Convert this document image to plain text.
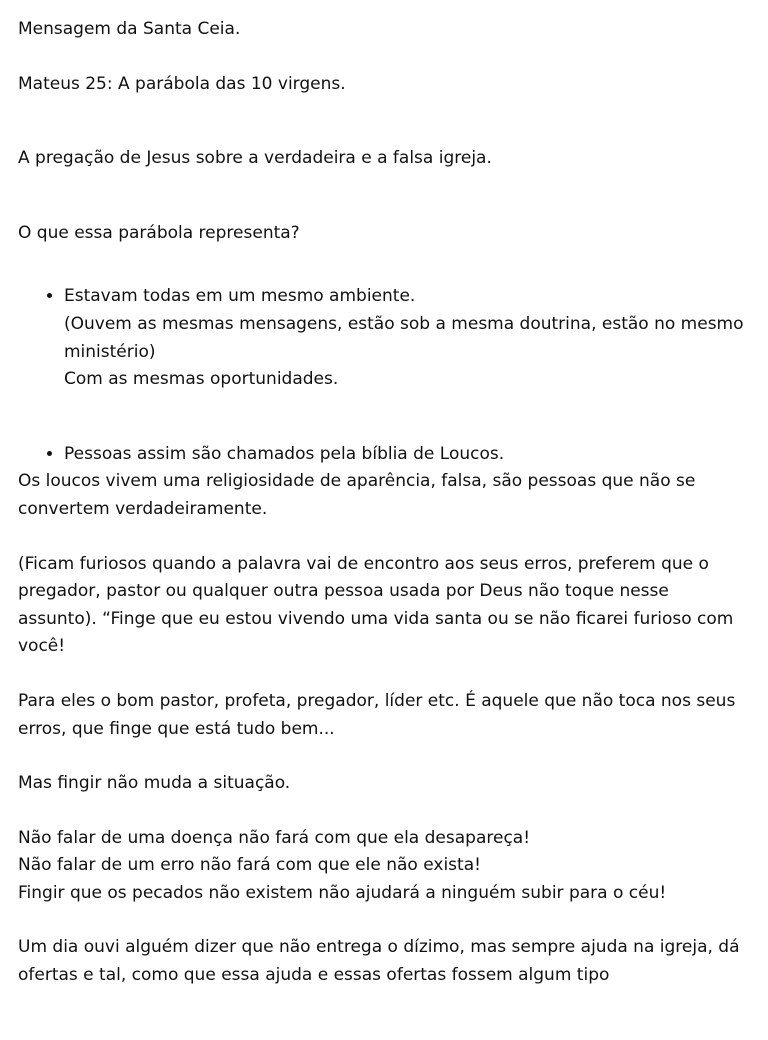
Mensagem da Santa Ceia.

Mateus 25: A parábola das 10 virgens.

A pregação de Jesus sobre a verdadeira e a falsa igreja.

O que essa parábola representa?

• Estavam todas em um mesmo ambiente.
(Ouvem as mesmas mensagens, estão sob a mesma doutrina, estão no mesmo ministério)
Com as mesmas oportunidades.
• Pessoas assim são chamados pela bíblia de Loucos.

Os loucos vivem uma religiosidade de aparência, falsa, são pessoas que não se convertem verdadeiramente.

(Ficam furiosos quando a palavra vai de encontro aos seus erros, preferem que o pregador, pastor ou qualquer outra pessoa usada por Deus não toque nesse assunto). “Finge que eu estou vivendo uma vida santa ou se não ficarei furioso com você!

Para eles o bom pastor, profeta, pregador, líder etc. É aquele que não toca nos seus erros, que finge que está tudo bem...

Mas fingir não muda a situação.

Não falar de uma doença não fará com que ela desapareça!
Não falar de um erro não fará com que ele não exista!
Fingir que os pecados não existem não ajudará a ninguém subir para o céu!

Um dia ouvi alguém dizer que não entrega o dízimo, mas sempre ajuda na igreja, dá ofertas e tal, como que essa ajuda e essas ofertas fossem algum tipo
